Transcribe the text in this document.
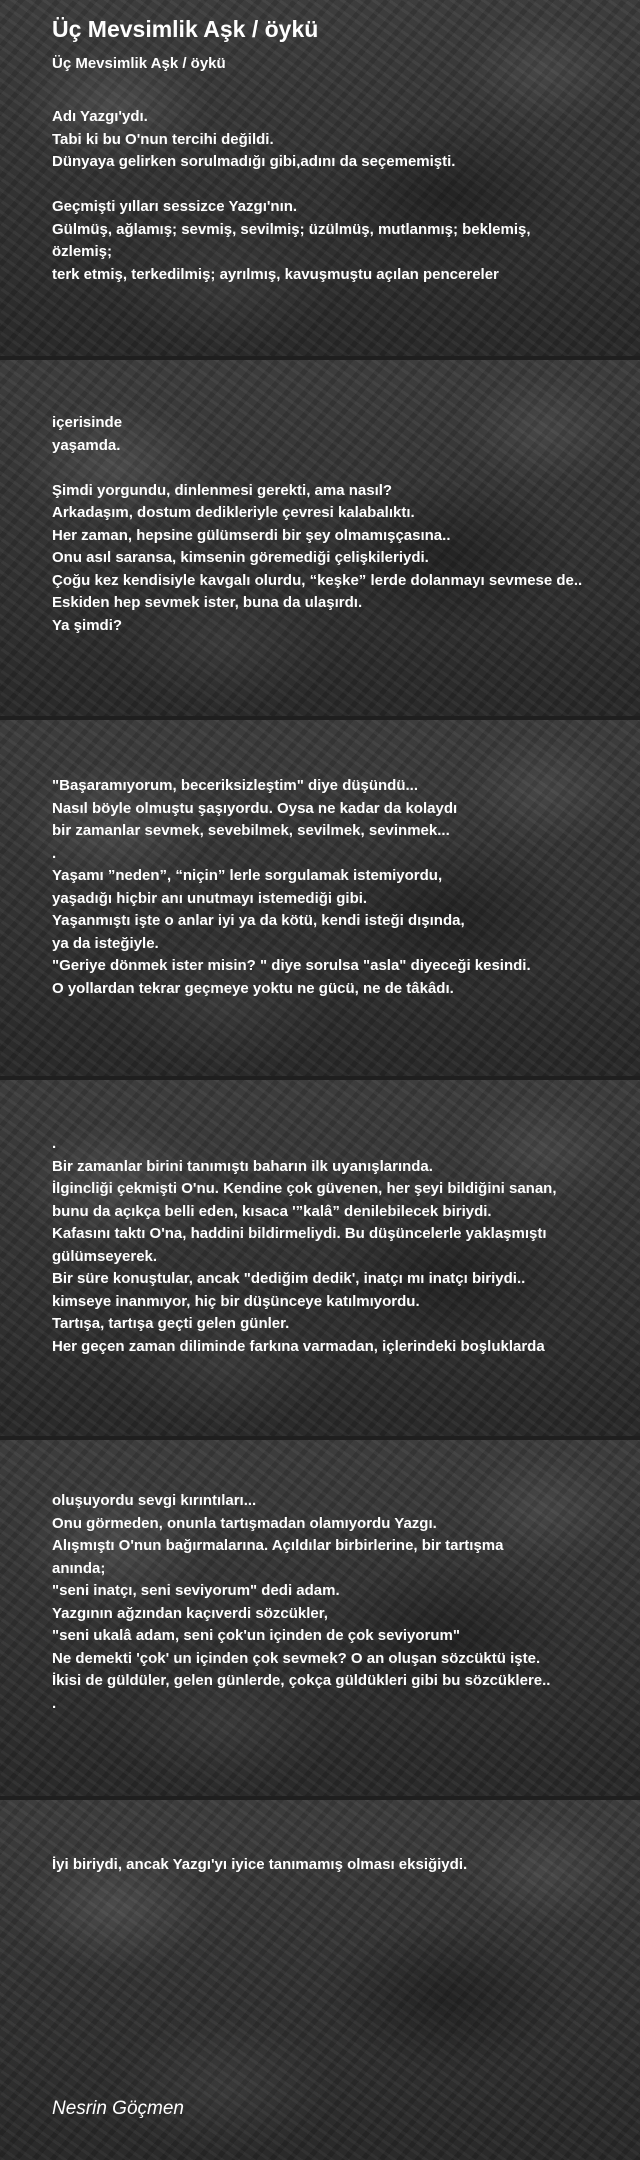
Üç Mevsimlik Aşk / öykü
Üç Mevsimlik Aşk / öykü
Adı Yazgı'ydı.
Tabi ki bu O'nun tercihi değildi.
Dünyaya gelirken sorulmadığı gibi,adını da seçememişti.
Geçmişti yılları sessizce Yazgı'nın.
Gülmüş, ağlamış; sevmiş, sevilmiş; üzülmüş, mutlanmış; beklemiş,
özlemiş;
terk etmiş, terkedilmiş; ayrılmış, kavuşmuştu açılan pencereler
içerisinde
yaşamda.
Şimdi yorgundu, dinlenmesi gerekti, ama nasıl?
Arkadaşım, dostum dedikleriyle çevresi kalabalıktı.
Her zaman, hepsine gülümserdi bir şey olmamışçasına..
Onu asıl saransa, kimsenin göremediği çelişkileriydi.
Çoğu kez kendisiyle kavgalı olurdu, “keşke” lerde dolanmayı sevmese de..
Eskiden hep sevmek ister, buna da ulaşırdı.
Ya şimdi?
"Başaramıyorum, beceriksizleştim" diye düşündü...
Nasıl böyle olmuştu şaşıyordu. Oysa ne kadar da kolaydı
bir zamanlar sevmek, sevebilmek, sevilmek, sevinmek...
.
Yaşamı ”neden”, “niçin” lerle sorgulamak istemiyordu,
yaşadığı hiçbir anı unutmayı istemediği gibi.
Yaşanmıştı işte o anlar iyi ya da kötü, kendi isteği dışında,
ya da isteğiyle.
"Geriye dönmek ister misin? " diye sorulsa "asla" diyeceği kesindi.
O yollardan tekrar geçmeye yoktu ne gücü, ne de tâkâdı.
.
Bir zamanlar birini tanımıştı baharın ilk uyanışlarında.
İlgincliği çekmişti O'nu. Kendine çok güvenen, her şeyi bildiğini sanan,
bunu da açıkça belli eden, kısaca '”kalâ” denilebilecek biriydi.
Kafasını taktı O'na, haddini bildirmeliydi. Bu düşüncelerle yaklaşmıştı
gülümseyerek.
Bir süre konuştular, ancak "dediğim dedik', inatçı mı inatçı biriydi..
kimseye inanmıyor, hiç bir düşünceye katılmıyordu.
Tartışa, tartışa geçti gelen günler.
Her geçen zaman diliminde farkına varmadan, içlerindeki boşluklarda
oluşuyordu sevgi kırıntıları...
Onu görmeden, onunla tartışmadan olamıyordu Yazgı.
Alışmıştı O'nun bağırmalarına. Açıldılar birbirlerine, bir tartışma
anında;
"seni inatçı, seni seviyorum" dedi adam.
Yazgının ağzından kaçıverdi sözcükler,
"seni ukalâ adam, seni çok'un içinden de çok seviyorum"
Ne demekti 'çok' un içinden çok sevmek? O an oluşan sözcüktü işte.
İkisi de güldüler, gelen günlerde, çokça güldükleri gibi bu sözcüklere..
.
İyi biriydi, ancak Yazgı'yı iyice tanımamış olması eksiğiydi.

Nesrin Göçmen
